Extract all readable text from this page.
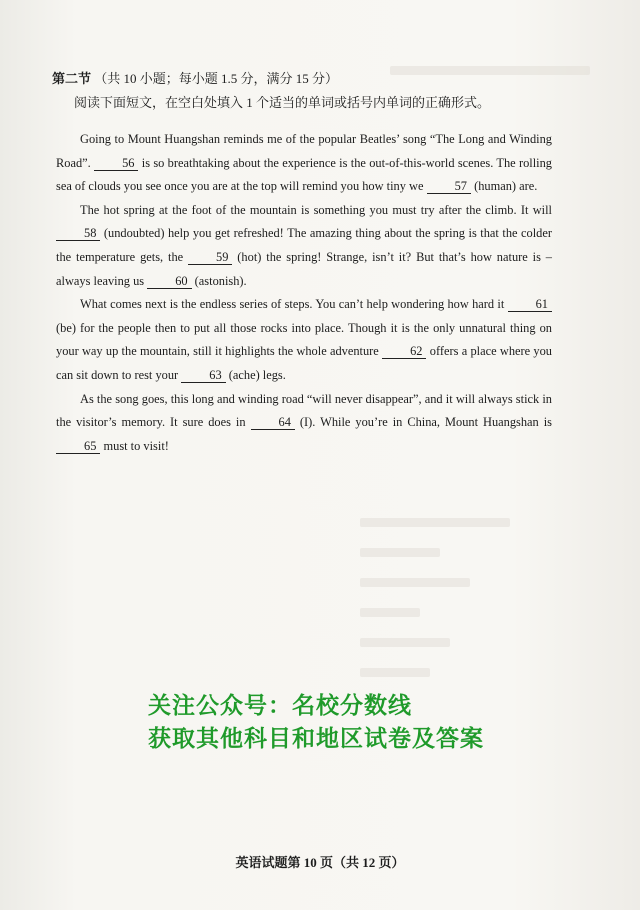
第二节 （共 10 小题；每小题 1.5 分，满分 15 分）
阅读下面短文，在空白处填入 1 个适当的单词或括号内单词的正确形式。

Going to Mount Huangshan reminds me of the popular Beatles’ song “The Long and Winding Road”. 56 is so breathtaking about the experience is the out-of-this-world scenes. The rolling sea of clouds you see once you are at the top will remind you how tiny we 57 (human) are.

The hot spring at the foot of the mountain is something you must try after the climb. It will 58 (undoubted) help you get refreshed! The amazing thing about the spring is that the colder the temperature gets, the 59 (hot) the spring! Strange, isn’t it? But that’s how nature is – always leaving us 60 (astonish).

What comes next is the endless series of steps. You can’t help wondering how hard it 61 (be) for the people then to put all those rocks into place. Though it is the only unnatural thing on your way up the mountain, still it highlights the whole adventure 62 offers a place where you can sit down to rest your 63 (ache) legs.

As the song goes, this long and winding road “will never disappear”, and it will always stick in the visitor’s memory. It sure does in 64 (I). While you’re in China, Mount Huangshan is 65 must to visit!

关注公众号：名校分数线
获取其他科目和地区试卷及答案
英语试题第 10 页（共 12 页）
